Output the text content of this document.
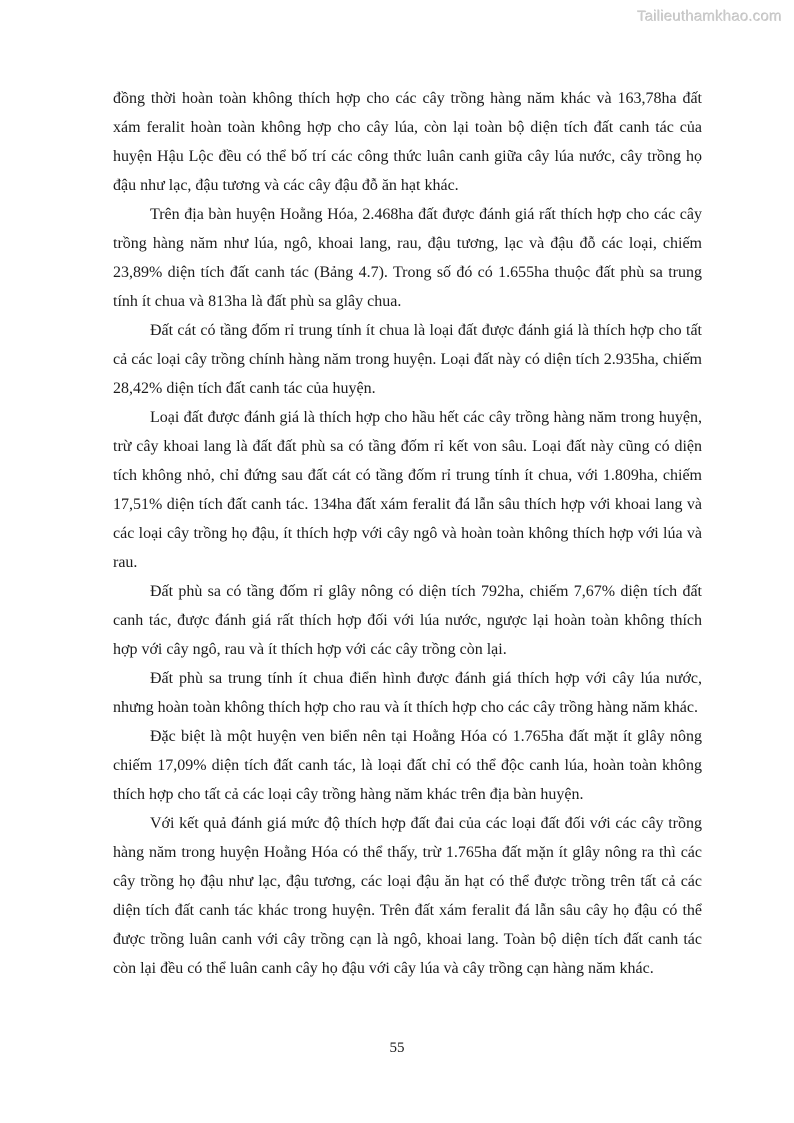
Tailieuthamkhao.com

đồng thời hoàn toàn không thích hợp cho các cây trồng hàng năm khác và 163,78ha đất xám feralit hoàn toàn không hợp cho cây lúa, còn lại toàn bộ diện tích đất canh tác của huyện Hậu Lộc đều có thể bố trí các công thức luân canh giữa cây lúa nước, cây trồng họ đậu như lạc, đậu tương và các cây đậu đỗ ăn hạt khác.

Trên địa bàn huyện Hoằng Hóa, 2.468ha đất được đánh giá rất thích hợp cho các cây trồng hàng năm như lúa, ngô, khoai lang, rau, đậu tương, lạc và đậu đỗ các loại, chiếm 23,89% diện tích đất canh tác (Bảng 4.7). Trong số đó có 1.655ha thuộc đất phù sa trung tính ít chua và 813ha là đất phù sa glây chua.

Đất cát có tầng đốm rỉ trung tính ít chua là loại đất được đánh giá là thích hợp cho tất cả các loại cây trồng chính hàng năm trong huyện. Loại đất này có diện tích 2.935ha, chiếm 28,42% diện tích đất canh tác của huyện.

Loại đất được đánh giá là thích hợp cho hầu hết các cây trồng hàng năm trong huyện, trừ cây khoai lang là đất đất phù sa có tầng đốm rỉ kết von sâu. Loại đất này cũng có diện tích không nhỏ, chỉ đứng sau đất cát có tầng đốm rỉ trung tính ít chua, với 1.809ha, chiếm 17,51% diện tích đất canh tác. 134ha đất xám feralit đá lẫn sâu thích hợp với khoai lang và các loại cây trồng họ đậu, ít thích hợp với cây ngô và hoàn toàn không thích hợp với lúa và rau.

Đất phù sa có tầng đốm rỉ glây nông có diện tích 792ha, chiếm 7,67% diện tích đất canh tác, được đánh giá rất thích hợp đối với lúa nước, ngược lại hoàn toàn không thích hợp với cây ngô, rau và ít thích hợp với các cây trồng còn lại.

Đất phù sa trung tính ít chua điển hình được đánh giá thích hợp với cây lúa nước, nhưng hoàn toàn không thích hợp cho rau và ít thích hợp cho các cây trồng hàng năm khác.

Đặc biệt là một huyện ven biển nên tại Hoằng Hóa có 1.765ha đất mặt ít glây nông chiếm 17,09% diện tích đất canh tác, là loại đất chỉ có thể độc canh lúa, hoàn toàn không thích hợp cho tất cả các loại cây trồng hàng năm khác trên địa bàn huyện.

Với kết quả đánh giá mức độ thích hợp đất đai của các loại đất đối với các cây trồng hàng năm trong huyện Hoằng Hóa có thể thấy, trừ 1.765ha đất mặn ít glây nông ra thì các cây trồng họ đậu như lạc, đậu tương, các loại đậu ăn hạt có thể được trồng trên tất cả các diện tích đất canh tác khác trong huyện. Trên đất xám feralit đá lẫn sâu cây họ đậu có thể được trồng luân canh với cây trồng cạn là ngô, khoai lang. Toàn bộ diện tích đất canh tác còn lại đều có thể luân canh cây họ đậu với cây lúa và cây trồng cạn hàng năm khác.

55
